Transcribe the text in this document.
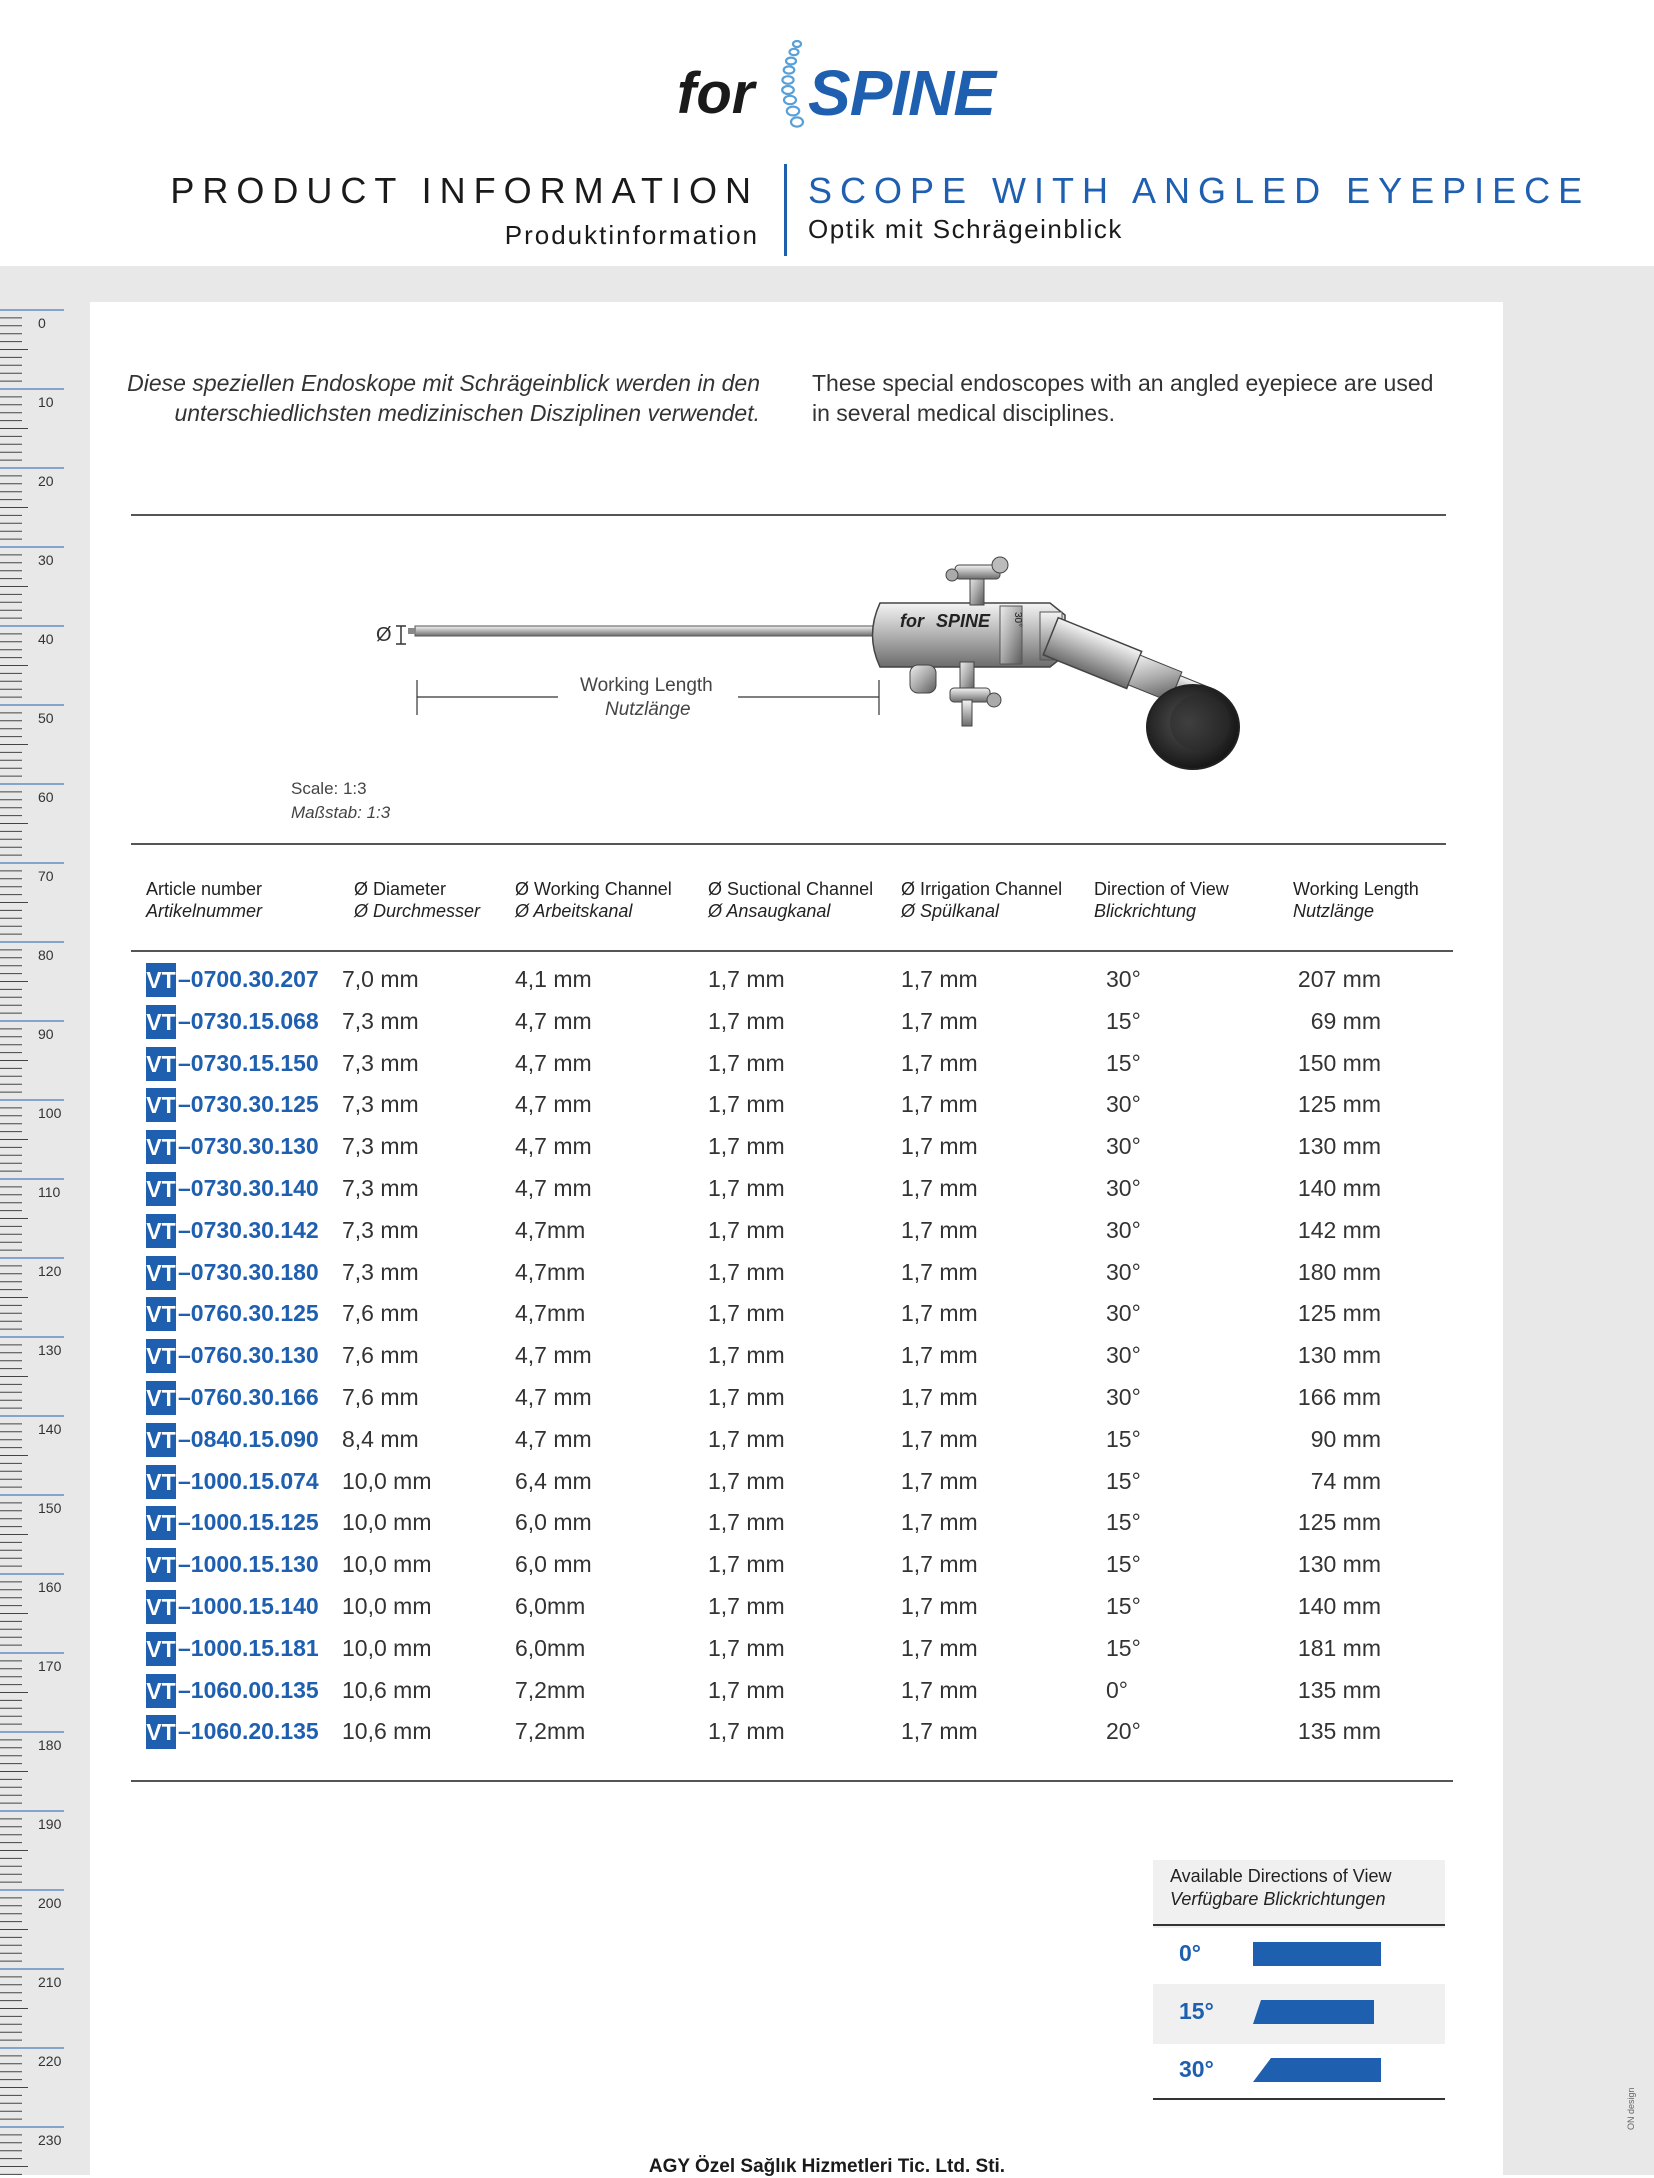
for SPINE
PRODUCT INFORMATION
Produktinformation
SCOPE WITH ANGLED EYEPIECE
Optik mit Schrägeinblick
0
10
20
30
40
50
60
70
80
90
100
110
120
130
140
150
160
170
180
190
200
210
220
230
Diese speziellen Endoskope mit Schrägeinblick werden in den unterschiedlichsten medizinischen Disziplinen verwendet.
These special endoscopes with an angled eyepiece are used in several medical disciplines.
for SPINE 30°
Ø
Working Length
Nutzlänge
Scale: 1:3
Maßstab: 1:3
Article number
Artikelnummer
Ø Diameter
Ø Durchmesser
Ø Working Channel
Ø Arbeitskanal
Ø Suctional Channel
Ø Ansaugkanal
Ø Irrigation Channel
Ø Spülkanal
Direction of View
Blickrichtung
Working Length
Nutzlänge
VT –0700.30.207 7,0 mm	4,1 mm	1,7 mm	1,7 mm	30°	207 mm
VT –0730.15.068 7,3 mm	4,7 mm	1,7 mm	1,7 mm	15°	69 mm
VT –0730.15.150 7,3 mm	4,7 mm	1,7 mm	1,7 mm	15°	150 mm
VT –0730.30.125 7,3 mm	4,7 mm	1,7 mm	1,7 mm	30°	125 mm
VT –0730.30.130 7,3 mm	4,7 mm	1,7 mm	1,7 mm	30°	130 mm
VT –0730.30.140 7,3 mm	4,7 mm	1,7 mm	1,7 mm	30°	140 mm
VT –0730.30.142 7,3 mm	4,7mm	1,7 mm	1,7 mm	30°	142 mm
VT –0730.30.180 7,3 mm	4,7mm	1,7 mm	1,7 mm	30°	180 mm
VT –0760.30.125 7,6 mm	4,7mm	1,7 mm	1,7 mm	30°	125 mm
VT –0760.30.130 7,6 mm	4,7 mm	1,7 mm	1,7 mm	30°	130 mm
VT –0760.30.166 7,6 mm	4,7 mm	1,7 mm	1,7 mm	30°	166 mm
VT –0840.15.090 8,4 mm	4,7 mm	1,7 mm	1,7 mm	15°	90 mm
VT –1000.15.074 10,0 mm	6,4 mm	1,7 mm	1,7 mm	15°	74 mm
VT –1000.15.125 10,0 mm	6,0 mm	1,7 mm	1,7 mm	15°	125 mm
VT –1000.15.130 10,0 mm	6,0 mm	1,7 mm	1,7 mm	15°	130 mm
VT –1000.15.140 10,0 mm	6,0mm	1,7 mm	1,7 mm	15°	140 mm
VT –1000.15.181 10,0 mm	6,0mm	1,7 mm	1,7 mm	15°	181 mm
VT –1060.00.135 10,6 mm	7,2mm	1,7 mm	1,7 mm	0°	135 mm
VT –1060.20.135 10,6 mm	7,2mm	1,7 mm	1,7 mm	20°	135 mm
Available Directions of View
Verfügbare Blickrichtungen
0°
15°
30°
AGY Özel Sağlık Hizmetleri Tic. Ltd. Sti.
ON design
